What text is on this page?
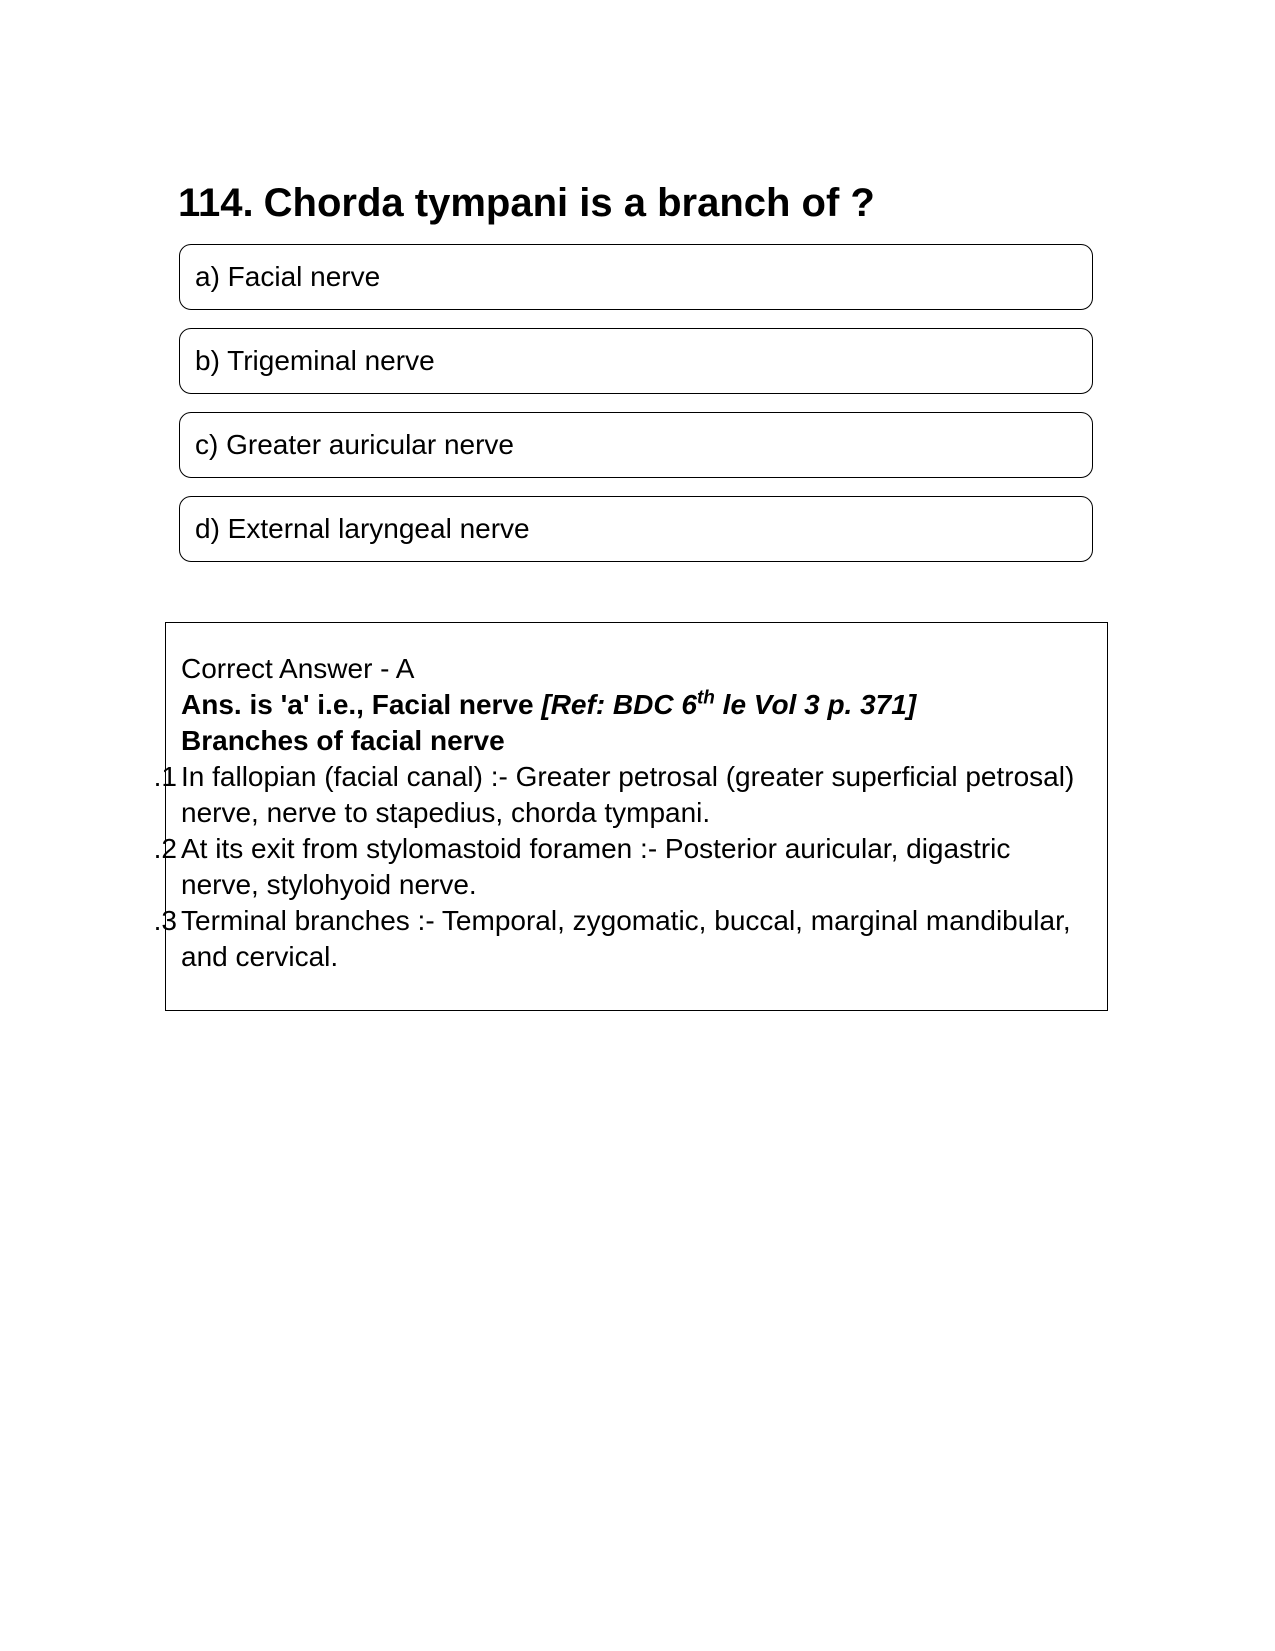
114. Chorda tympani is a branch of ?
a) Facial nerve
b) Trigeminal nerve
c) Greater auricular nerve
d) External laryngeal nerve
Correct Answer - A
Ans. is 'a' i.e., Facial nerve [Ref: BDC 6th le Vol 3 p. 371]
Branches of facial nerve
1. In fallopian (facial canal) :- Greater petrosal (greater superficial petrosal) nerve, nerve to stapedius, chorda tympani.
2. At its exit from stylomastoid foramen :- Posterior auricular, digastric nerve, stylohyoid nerve.
3. Terminal branches :- Temporal, zygomatic, buccal, marginal mandibular, and cervical.
